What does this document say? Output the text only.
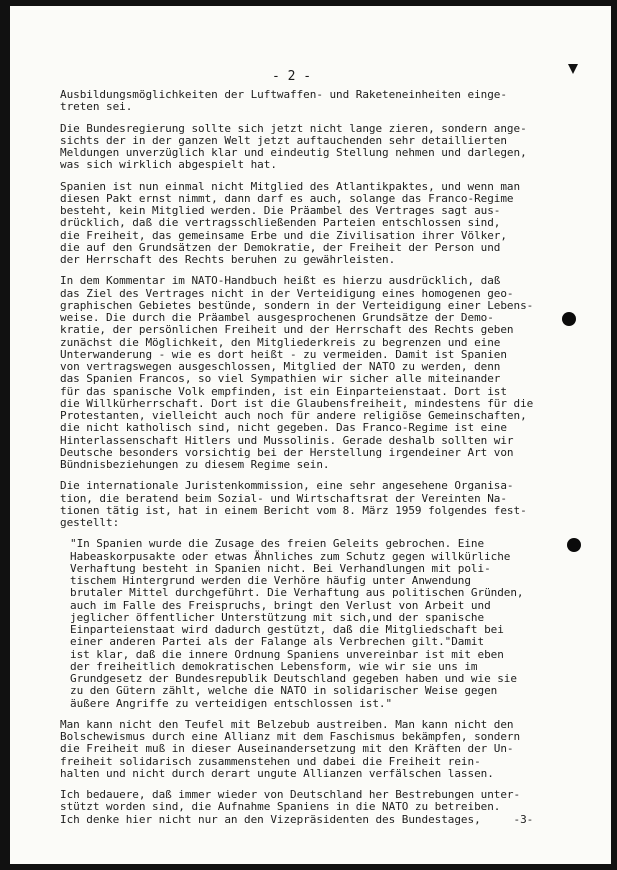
- 2 -
Ausbildungsmöglichkeiten der Luftwaffen- und Raketeneinheiten einge-
treten sei.
Die Bundesregierung sollte sich jetzt nicht lange zieren, sondern ange-
sichts der in der ganzen Welt jetzt auftauchenden sehr detaillierten
Meldungen unverzüglich klar und eindeutig Stellung nehmen und darlegen,
was sich wirklich abgespielt hat.
Spanien ist nun einmal nicht Mitglied des Atlantikpaktes, und wenn man
diesen Pakt ernst nimmt, dann darf es auch, solange das Franco-Regime
besteht, kein Mitglied werden. Die Präambel des Vertrages sagt aus-
drücklich, daß die vertragsschließenden Parteien entschlossen sind,
die Freiheit, das gemeinsame Erbe und die Zivilisation ihrer Völker,
die auf den Grundsätzen der Demokratie, der Freiheit der Person und
der Herrschaft des Rechts beruhen zu gewährleisten.
In dem Kommentar im NATO-Handbuch heißt es hierzu ausdrücklich, daß
das Ziel des Vertrages nicht in der Verteidigung eines homogenen geo-
graphischen Gebietes bestünde, sondern in der Verteidigung einer Lebens-
weise. Die durch die Präambel ausgesprochenen Grundsätze der Demo-
kratie, der persönlichen Freiheit und der Herrschaft des Rechts geben
zunächst die Möglichkeit, den Mitgliederkreis zu begrenzen und eine
Unterwanderung - wie es dort heißt - zu vermeiden. Damit ist Spanien
von vertragswegen ausgeschlossen, Mitglied der NATO zu werden, denn
das Spanien Francos, so viel Sympathien wir sicher alle miteinander
für das spanische Volk empfinden, ist ein Einparteienstaat. Dort ist
die Willkürherrschaft. Dort ist die Glaubensfreiheit, mindestens für die
Protestanten, vielleicht auch noch für andere religiöse Gemeinschaften,
die nicht katholisch sind, nicht gegeben. Das Franco-Regime ist eine
Hinterlassenschaft Hitlers und Mussolinis. Gerade deshalb sollten wir
Deutsche besonders vorsichtig bei der Herstellung irgendeiner Art von
Bündnisbeziehungen zu diesem Regime sein.
Die internationale Juristenkommission, eine sehr angesehene Organisa-
tion, die beratend beim Sozial- und Wirtschaftsrat der Vereinten Na-
tionen tätig ist, hat in einem Bericht vom 8. März 1959 folgendes fest-
gestellt:
"In Spanien wurde die Zusage des freien Geleits gebrochen. Eine
Habeaskorpusakte oder etwas Ähnliches zum Schutz gegen willkürliche
Verhaftung besteht in Spanien nicht. Bei Verhandlungen mit poli-
tischem Hintergrund werden die Verhöre häufig unter Anwendung
brutaler Mittel durchgeführt. Die Verhaftung aus politischen Gründen,
auch im Falle des Freispruchs, bringt den Verlust von Arbeit und
jeglicher öffentlicher Unterstützung mit sich,und der spanische
Einparteienstaat wird dadurch gestützt, daß die Mitgliedschaft bei
einer anderen Partei als der Falange als Verbrechen gilt."Damit
ist klar, daß die innere Ordnung Spaniens unvereinbar ist mit eben
der freiheitlich demokratischen Lebensform, wie wir sie uns im
Grundgesetz der Bundesrepublik Deutschland gegeben haben und wie sie
zu den Gütern zählt, welche die NATO in solidarischer Weise gegen
äußere Angriffe zu verteidigen entschlossen ist."
Man kann nicht den Teufel mit Belzebub austreiben. Man kann nicht den
Bolschewismus durch eine Allianz mit dem Faschismus bekämpfen, sondern
die Freiheit muß in dieser Auseinandersetzung mit den Kräften der Un-
freiheit solidarisch zusammenstehen und dabei die Freiheit rein-
halten und nicht durch derart ungute Allianzen verfälschen lassen.
Ich bedauere, daß immer wieder von Deutschland her Bestrebungen unter-
stützt worden sind, die Aufnahme Spaniens in die NATO zu betreiben.
Ich denke hier nicht nur an den Vizepräsidenten des Bundestages,     -3-
